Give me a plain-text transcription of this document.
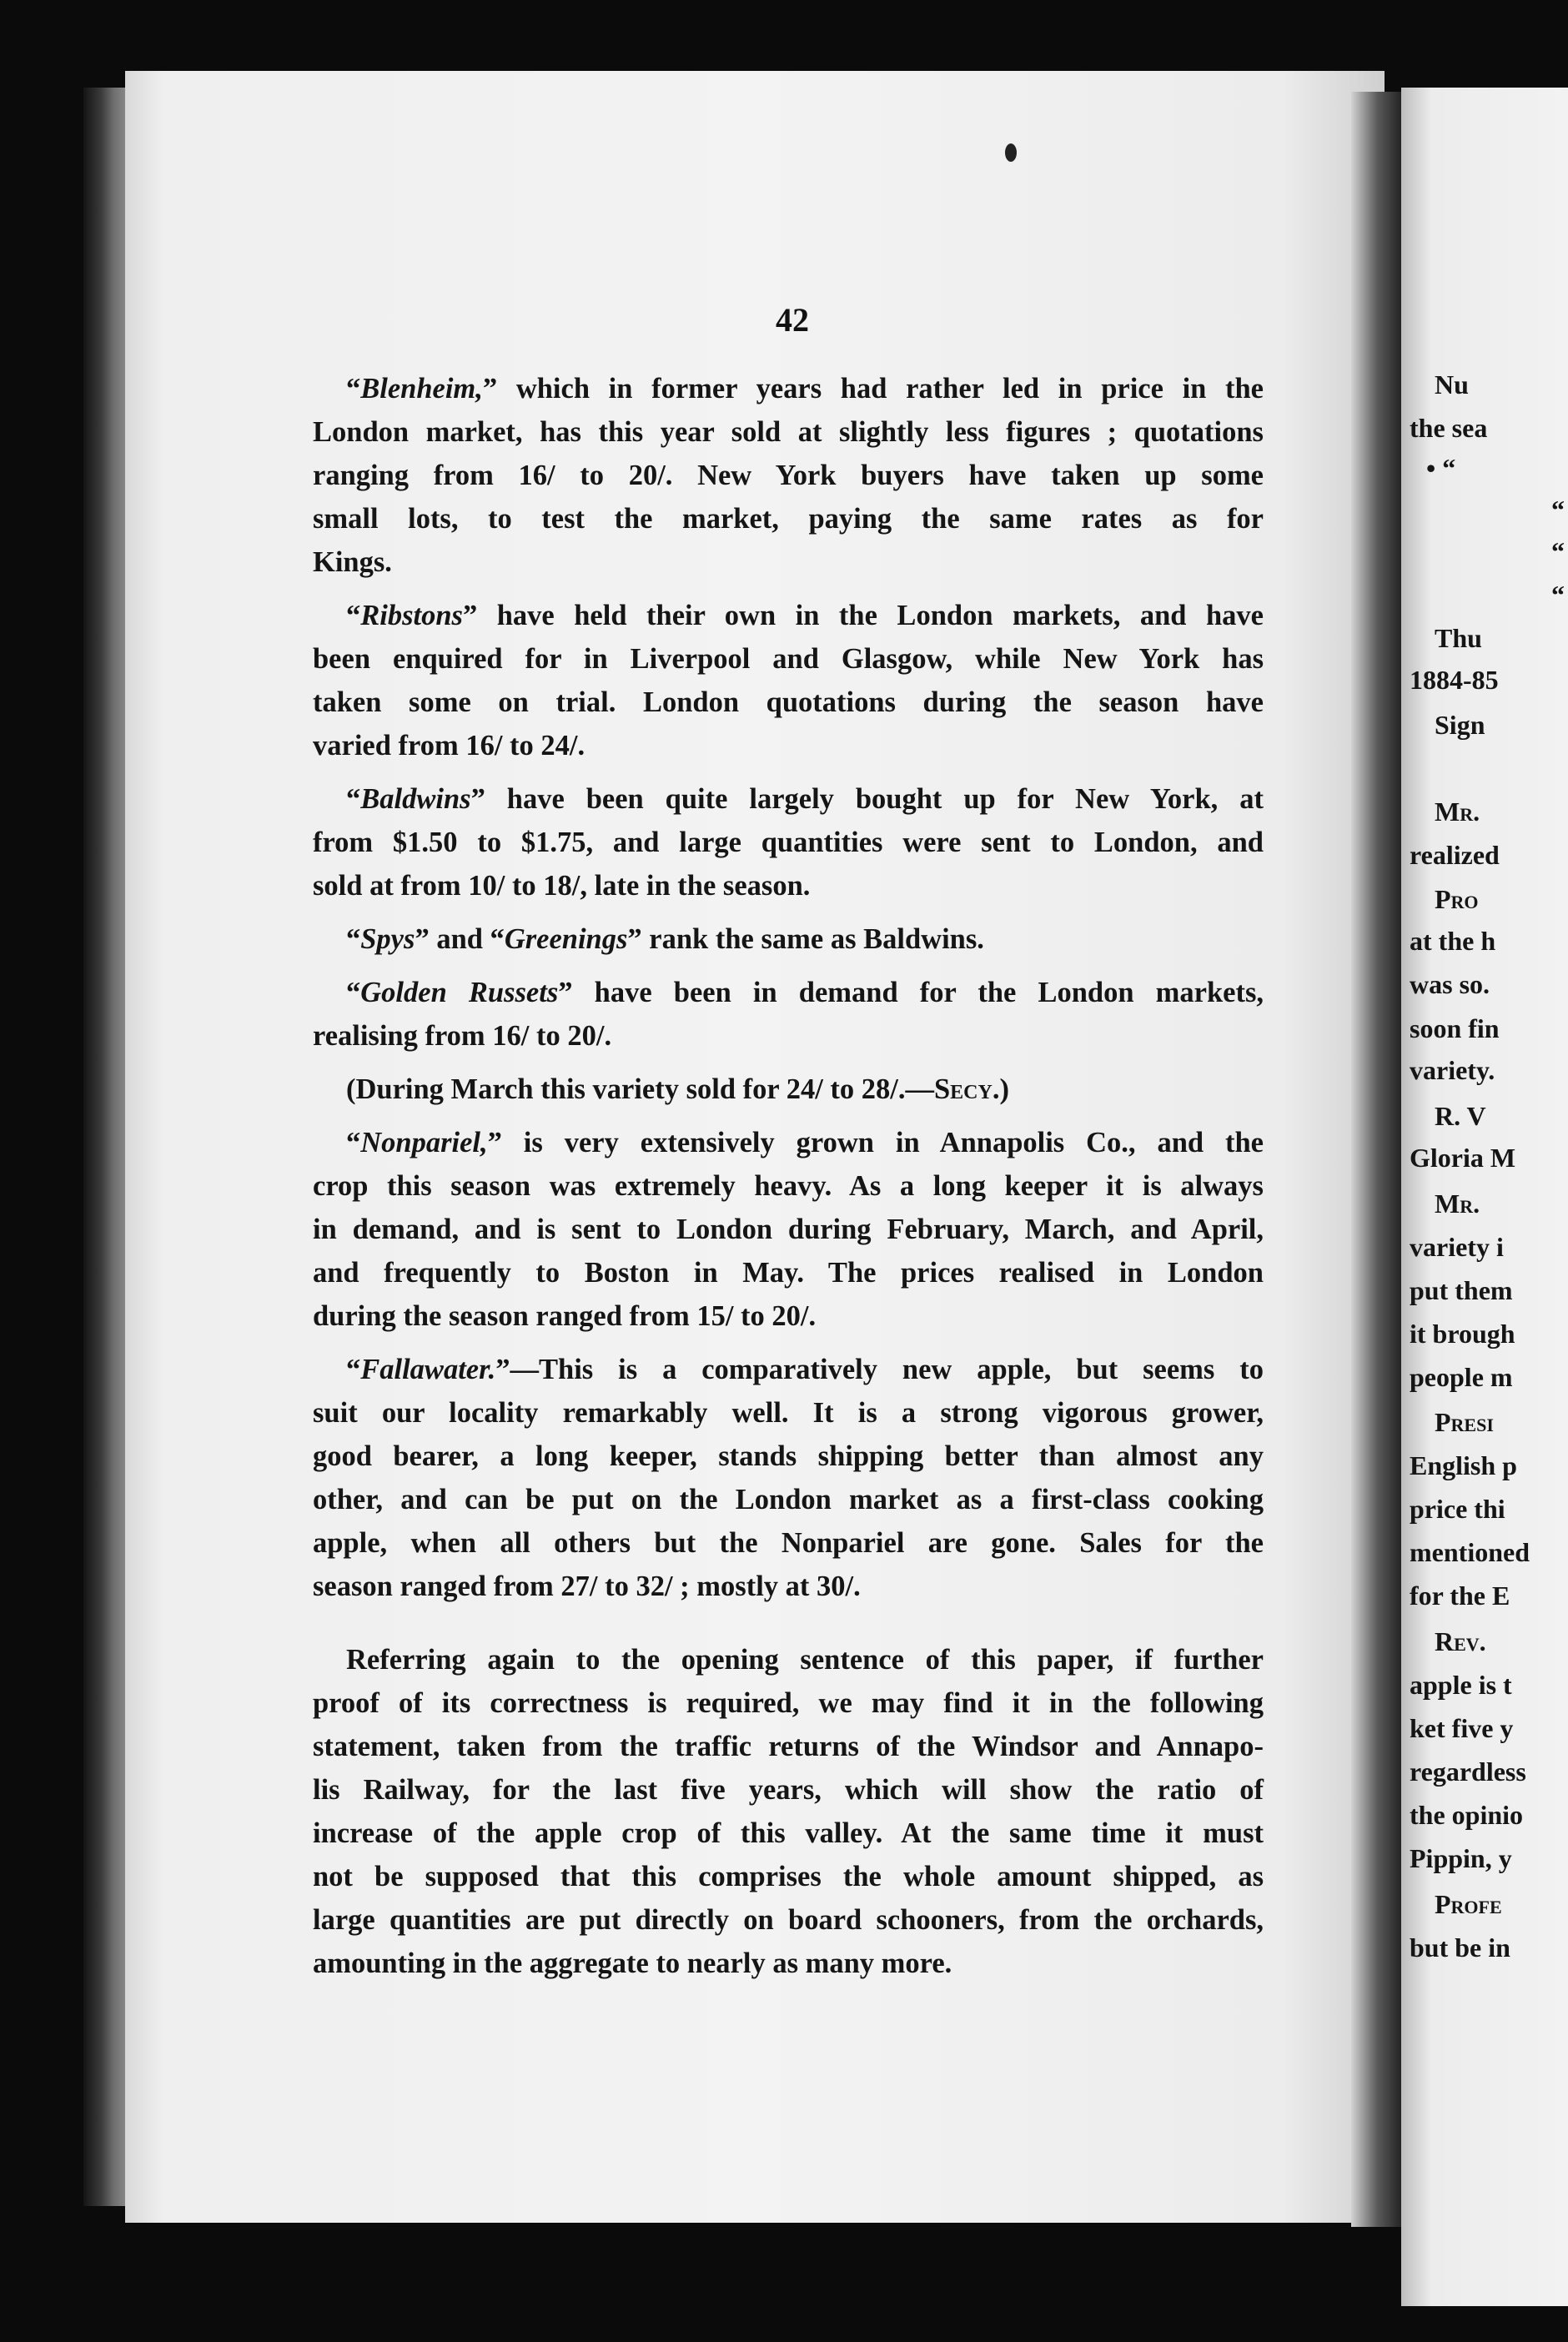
Nu
the sea
• “
“
“
“
Thu
1884-85
Sign
Mr.
realized
Pro
at the h
was so.
soon fin
variety.
R. V
Gloria M
Mr.
variety i
put them
it brough
people m
Presi
English p
price thi
mentioned
for the E
Rev.
apple is t
ket five y
regardless
the opinio
Pippin, y
Profe
but be in
42
“Blenheim,” which in former years had rather led in price in the
London market, has this year sold at slightly less figures ; quotations
ranging from 16/ to 20/. New York buyers have taken up some
small lots, to test the market, paying the same rates as for
Kings.
“Ribstons” have held their own in the London markets, and have
been enquired for in Liverpool and Glasgow, while New York has
taken some on trial. London quotations during the season have
varied from 16/ to 24/.
“Baldwins” have been quite largely bought up for New York, at
from $1.50 to $1.75, and large quantities were sent to London, and
sold at from 10/ to 18/, late in the season.
“Spys” and “Greenings” rank the same as Baldwins.
“Golden Russets” have been in demand for the London markets,
realising from 16/ to 20/.
(During March this variety sold for 24/ to 28/.—Secy.)
“Nonpariel,” is very extensively grown in Annapolis Co., and the
crop this season was extremely heavy. As a long keeper it is always
in demand, and is sent to London during February, March, and April,
and frequently to Boston in May. The prices realised in London
during the season ranged from 15/ to 20/.
“Fallawater.”—This is a comparatively new apple, but seems to
suit our locality remarkably well. It is a strong vigorous grower,
good bearer, a long keeper, stands shipping better than almost any
other, and can be put on the London market as a first-class cooking
apple, when all others but the Nonpariel are gone. Sales for the
season ranged from 27/ to 32/ ; mostly at 30/.
Referring again to the opening sentence of this paper, if further
proof of its correctness is required, we may find it in the following
statement, taken from the traffic returns of the Windsor and Annapo-
lis Railway, for the last five years, which will show the ratio of
increase of the apple crop of this valley. At the same time it must
not be supposed that this comprises the whole amount shipped, as
large quantities are put directly on board schooners, from the orchards,
amounting in the aggregate to nearly as many more.
